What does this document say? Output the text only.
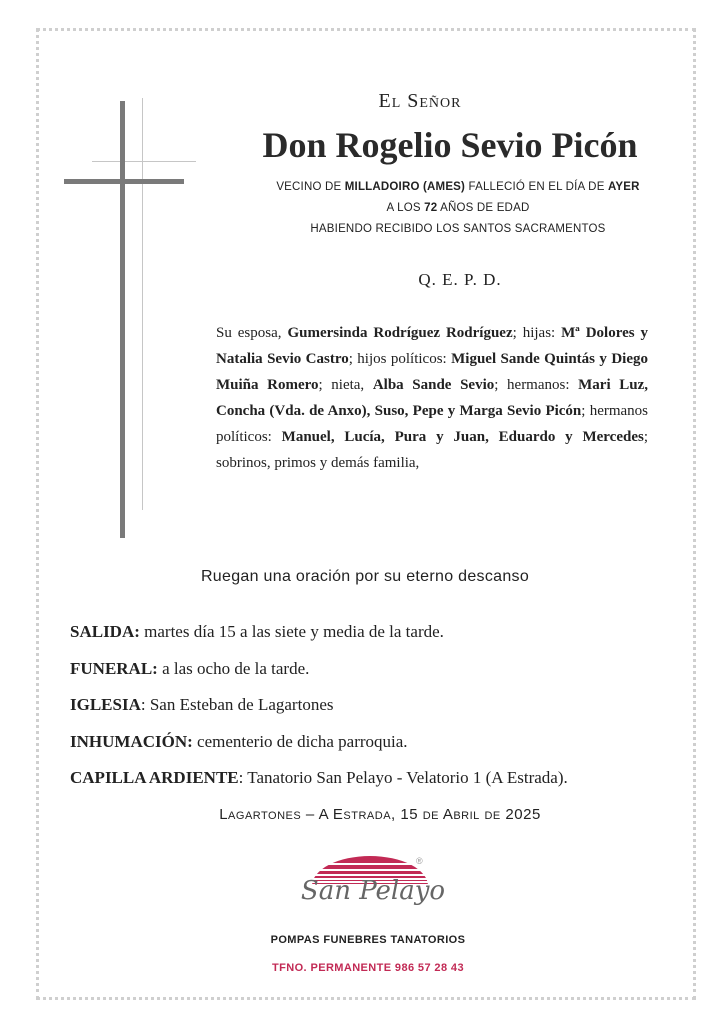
El Señor
Don Rogelio Sevio Picón
VECINO DE MILLADOIRO (AMES) FALLECIÓ EN EL DÍA DE AYER
A LOS 72 AÑOS DE EDAD
HABIENDO RECIBIDO LOS SANTOS SACRAMENTOS
Q. E. P. D.
Su esposa, Gumersinda Rodríguez Rodríguez; hijas: Mª Dolores y Natalia Sevio Castro; hijos políticos: Miguel Sande Quintás y Diego Muiña Romero; nieta, Alba Sande Sevio; hermanos: Mari Luz, Concha (Vda. de Anxo), Suso, Pepe y Marga Sevio Picón; hermanos políticos: Manuel, Lucía, Pura y Juan, Eduardo y Mercedes; sobrinos, primos y demás familia,
Ruegan una oración por su eterno descanso
SALIDA: martes día 15 a las siete y media de la tarde.
FUNERAL: a las ocho de la tarde.
IGLESIA: San Esteban de Lagartones
INHUMACIÓN: cementerio de dicha parroquia.
CAPILLA ARDIENTE: Tanatorio San Pelayo - Velatorio 1 (A Estrada).
Lagartones – A Estrada, 15 de Abril de 2025
®
San Pelayo
POMPAS FUNEBRES TANATORIOS
TFNO. PERMANENTE 986 57 28 43
